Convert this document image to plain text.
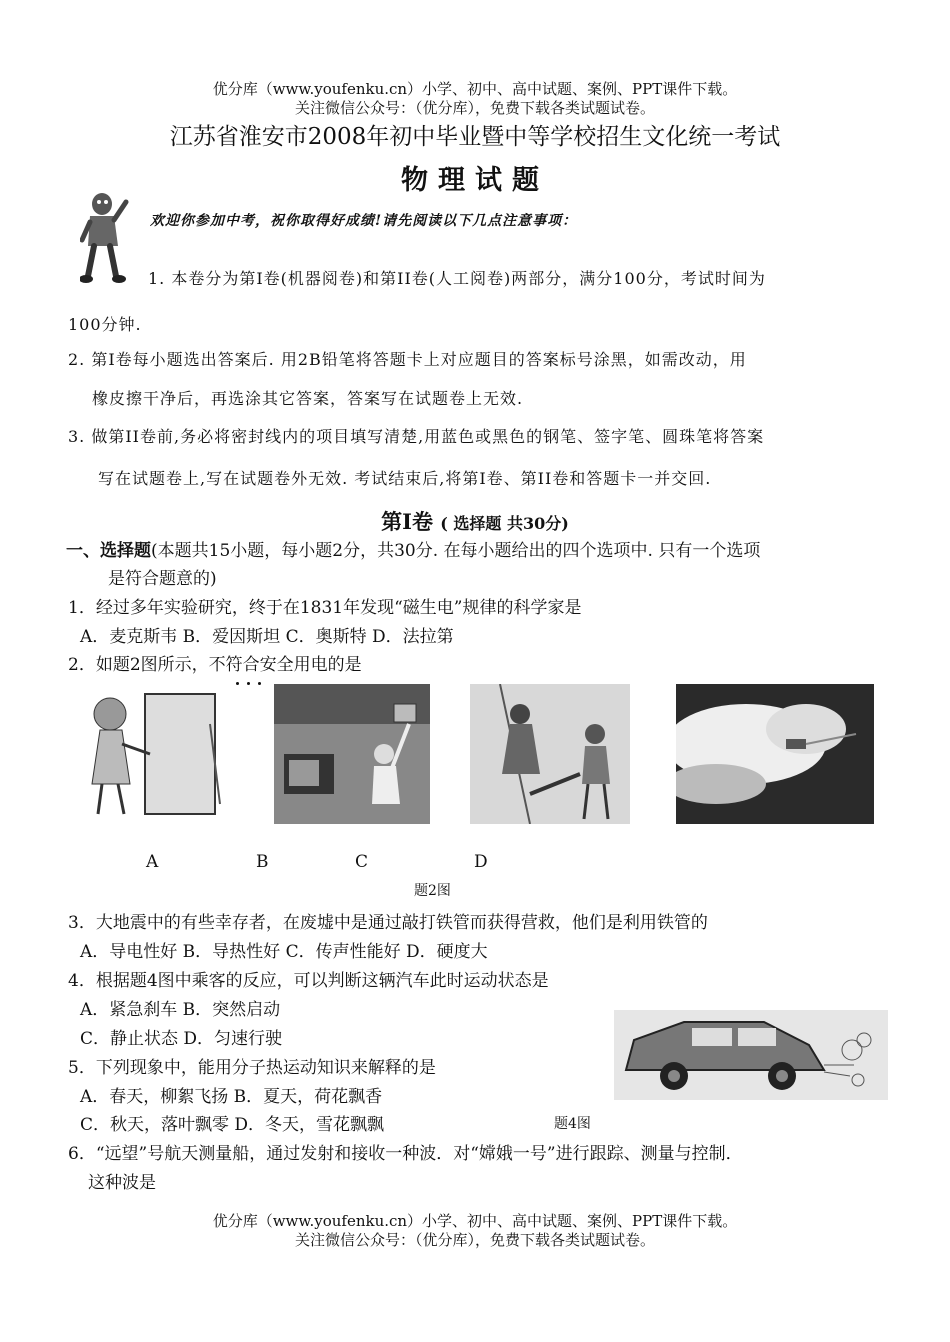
优分库（www.youfenku.cn）小学、初中、高中试题、案例、PPT课件下载。
关注微信公众号：（优分库），免费下载各类试题试卷。
江苏省淮安市2008年初中毕业暨中等学校招生文化统一考试
物理试题
欢迎你参加中考，祝你取得好成绩!请先阅读以下几点注意事项：
1. 本卷分为第I卷(机器阅卷)和第II卷(人工阅卷)两部分，满分100分，考试时间为
100分钟.
2. 第I卷每小题选出答案后. 用2B铅笔将答题卡上对应题目的答案标号涂黑，如需改动，用
橡皮擦干净后，再选涂其它答案，答案写在试题卷上无效.
3. 做第II卷前,务必将密封线内的项目填写清楚,用蓝色或黑色的钢笔、签字笔、圆珠笔将答案
写在试题卷上,写在试题卷外无效. 考试结束后,将第I卷、第II卷和答题卡一并交回.
第I卷 ( 选择题 共30分)
一、选择题(本题共15小题，每小题2分，共30分. 在每小题给出的四个选项中. 只有一个选项
是符合题意的)
1．经过多年实验研究，终于在1831年发现“磁生电”规律的科学家是
A．麦克斯韦 B．爱因斯坦 C．奥斯特 D．法拉第
2．如题2图所示，不符合安全用电的是
A	B	C	D
题2图
3．大地震中的有些幸存者，在废墟中是通过敲打铁管而获得营救，他们是利用铁管的
A．导电性好 B．导热性好 C．传声性能好 D．硬度大
4．根据题4图中乘客的反应，可以判断这辆汽车此时运动状态是
A．紧急刹车 B．突然启动
C．静止状态 D．匀速行驶
5．下列现象中，能用分子热运动知识来解释的是
A．春天，柳絮飞扬 B．夏天，荷花飘香
C．秋天，落叶飘零 D．冬天，雪花飘飘	题4图
6．“远望”号航天测量船，通过发射和接收一种波．对“嫦娥一号”进行跟踪、测量与控制．
这种波是
优分库（www.youfenku.cn）小学、初中、高中试题、案例、PPT课件下载。
关注微信公众号：（优分库），免费下载各类试题试卷。
